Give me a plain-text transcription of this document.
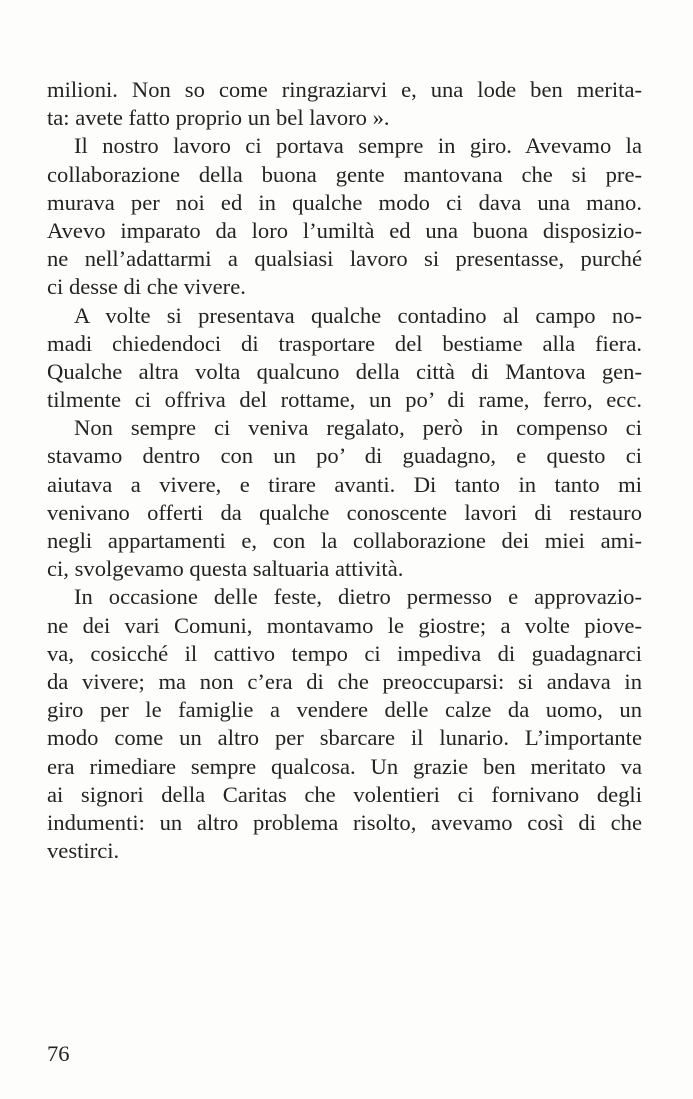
milioni. Non so come ringraziarvi e, una lode ben merita-
ta: avete fatto proprio un bel lavoro ».
Il nostro lavoro ci portava sempre in giro. Avevamo la
collaborazione della buona gente mantovana che si pre-
murava per noi ed in qualche modo ci dava una mano.
Avevo imparato da loro l’umiltà ed una buona disposizio-
ne nell’adattarmi a qualsiasi lavoro si presentasse, purché
ci desse di che vivere.
A volte si presentava qualche contadino al campo no-
madi chiedendoci di trasportare del bestiame alla fiera.
Qualche altra volta qualcuno della città di Mantova gen-
tilmente ci offriva del rottame, un po’ di rame, ferro, ecc.
Non sempre ci veniva regalato, però in compenso ci
stavamo dentro con un po’ di guadagno, e questo ci
aiutava a vivere, e tirare avanti. Di tanto in tanto mi
venivano offerti da qualche conoscente lavori di restauro
negli appartamenti e, con la collaborazione dei miei ami-
ci, svolgevamo questa saltuaria attività.
In occasione delle feste, dietro permesso e approvazio-
ne dei vari Comuni, montavamo le giostre; a volte piove-
va, cosicché il cattivo tempo ci impediva di guadagnarci
da vivere; ma non c’era di che preoccuparsi: si andava in
giro per le famiglie a vendere delle calze da uomo, un
modo come un altro per sbarcare il lunario. L’importante
era rimediare sempre qualcosa. Un grazie ben meritato va
ai signori della Caritas che volentieri ci fornivano degli
indumenti: un altro problema risolto, avevamo così di che
vestirci.
76
